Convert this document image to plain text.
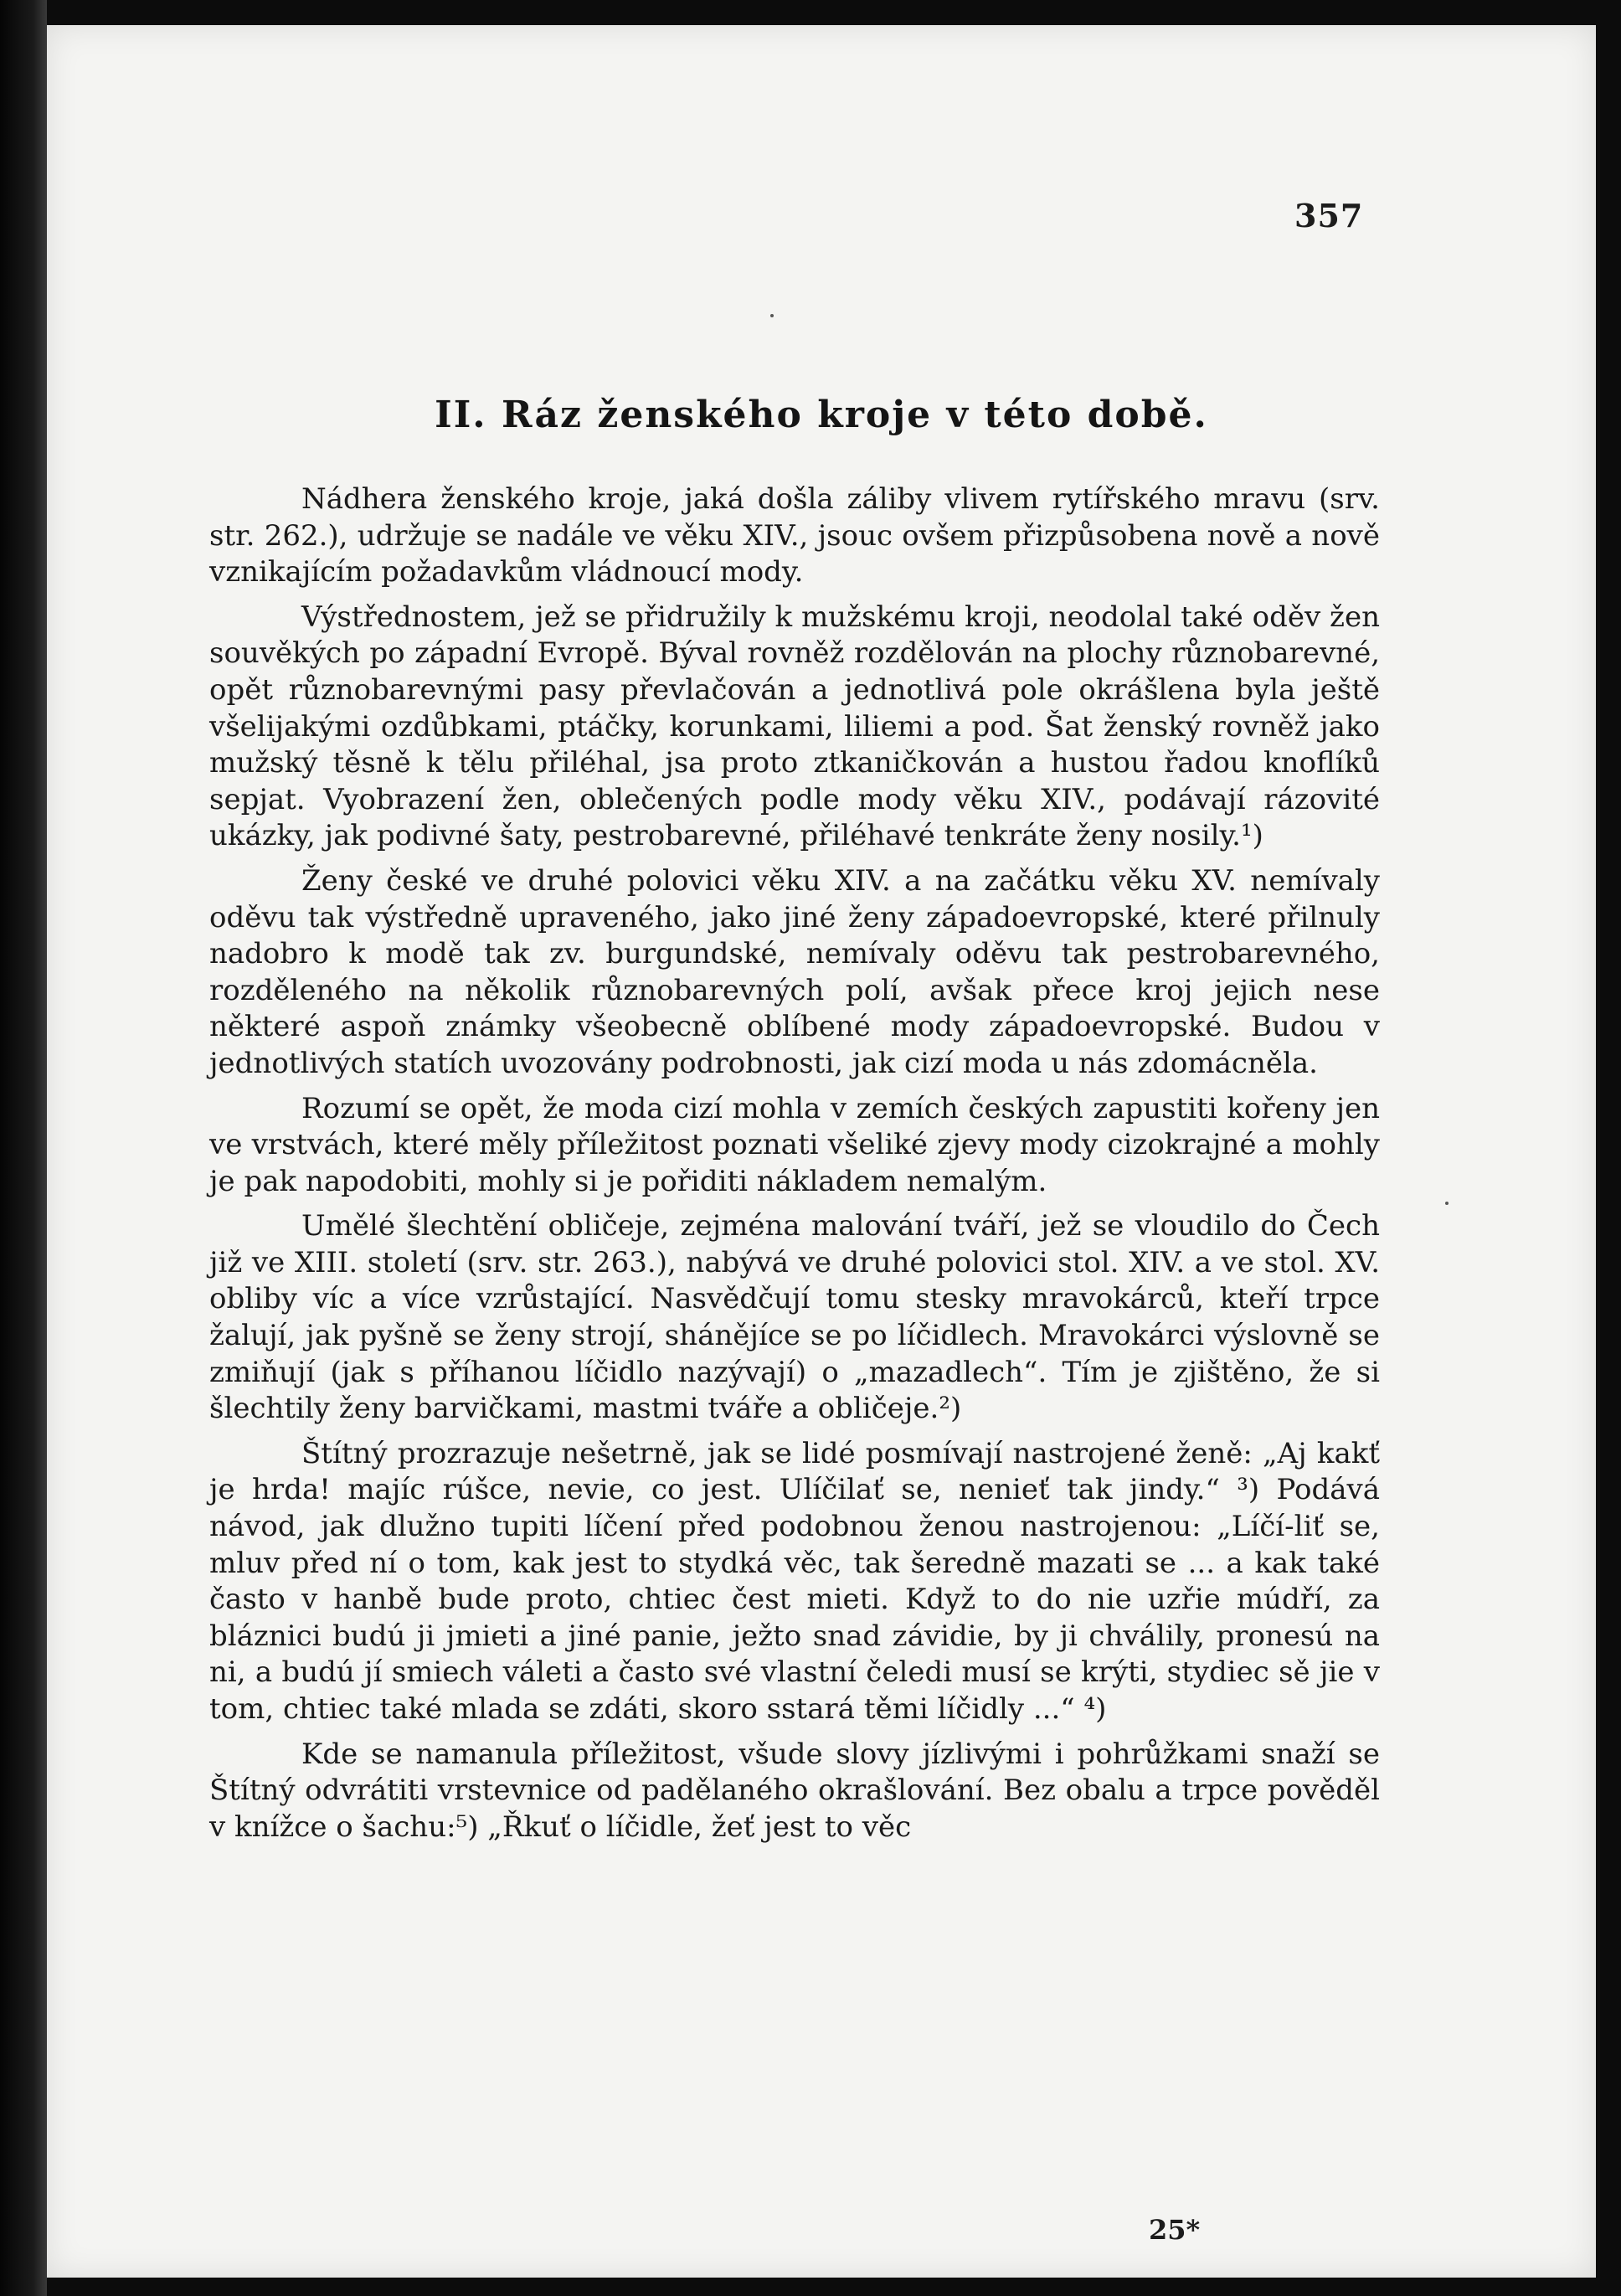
357
II. Ráz ženského kroje v této době.

Nádhera ženského kroje, jaká došla záliby vlivem rytířského mravu (srv. str. 262.), udržuje se nadále ve věku XIV., jsouc ovšem přizpůsobena nově a nově vznikajícím požadavkům vládnoucí mody.

Výstřednostem, jež se přidružily k mužskému kroji, neodolal také oděv žen souvěkých po západní Evropě. Býval rovněž rozdělován na plochy různobarevné, opět různobarevnými pasy převlačován a jednotlivá pole okrášlena byla ještě všelijakými ozdůbkami, ptáčky, korunkami, liliemi a pod. Šat ženský rovněž jako mužský těsně k tělu přiléhal, jsa proto ztkaničkován a hustou řadou knoflíků sepjat. Vyobrazení žen, oblečených podle mody věku XIV., podávají rázovité ukázky, jak podivné šaty, pestrobarevné, přiléhavé tenkráte ženy nosily.¹)

Ženy české ve druhé polovici věku XIV. a na začátku věku XV. nemívaly oděvu tak výstředně upraveného, jako jiné ženy západoevropské, které přilnuly nadobro k modě tak zv. burgundské, nemívaly oděvu tak pestrobarevného, rozděleného na několik různobarevných polí, avšak přece kroj jejich nese některé aspoň známky všeobecně oblíbené mody západoevropské. Budou v jednotlivých statích uvozovány podrobnosti, jak cizí moda u nás zdomácněla.

Rozumí se opět, že moda cizí mohla v zemích českých zapustiti kořeny jen ve vrstvách, které měly příležitost poznati všeliké zjevy mody cizokrajné a mohly je pak napodobiti, mohly si je pořiditi nákladem nemalým.

Umělé šlechtění obličeje, zejména malování tváří, jež se vloudilo do Čech již ve XIII. století (srv. str. 263.), nabývá ve druhé polovici stol. XIV. a ve stol. XV. obliby víc a více vzrůstající. Nasvědčují tomu stesky mravokárců, kteří trpce žalují, jak pyšně se ženy strojí, shánějíce se po líčidlech. Mravokárci výslovně se zmiňují (jak s příhanou líčidlo nazývají) o „mazadlech“. Tím je zjištěno, že si šlechtily ženy barvičkami, mastmi tváře a obličeje.²)

Štítný prozrazuje nešetrně, jak se lidé posmívají nastrojené ženě: „Aj kakť je hrda! majíc rúšce, nevie, co jest. Ulíčilať se, nenieť tak jindy.“ ³) Podává návod, jak dlužno tupiti líčení před podobnou ženou nastrojenou: „Líčí-liť se, mluv před ní o tom, kak jest to stydká věc, tak šeredně mazati se ... a kak také často v hanbě bude proto, chtiec čest mieti. Když to do nie uzřie múdří, za bláznici budú ji jmieti a jiné panie, ježto snad závidie, by ji chválily, pronesú na ni, a budú jí smiech váleti a často své vlastní čeledi musí se krýti, stydiec sě jie v tom, chtiec také mlada se zdáti, skoro sstará těmi líčidly ...“ ⁴)

Kde se namanula příležitost, všude slovy jízlivými i pohrůžkami snaží se Štítný odvrátiti vrstevnice od padělaného okrašlování. Bez obalu a trpce pověděl v knížce o šachu:⁵) „Řkuť o líčidle, žeť jest to věc

25*
